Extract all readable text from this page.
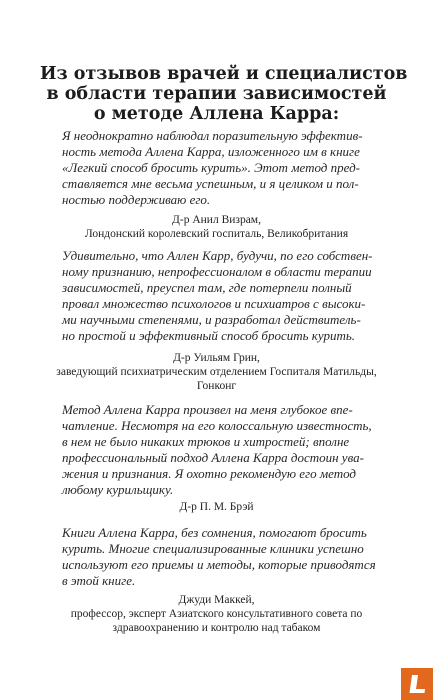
Из отзывов врачей и специалистов
в области терапии зависимостей
о методе Аллена Карра:
Я неоднократно наблюдал поразительную эффектив-
ность метода Аллена Карра, изложенного им в книге
«Легкий способ бросить курить». Этот метод пред-
ставляется мне весьма успешным, и я целиком и пол-
ностью поддерживаю его.
Д-р Анил Визрам,
Лондонский королевский госпиталь, Великобритания
Удивительно, что Аллен Карр, будучи, по его собствен-
ному признанию, непрофессионалом в области терапии
зависимостей, преуспел там, где потерпели полный
провал множество психологов и психиатров с высоки-
ми научными степенями, и разработал действитель-
но простой и эффективный способ бросить курить.
Д-р Уильям Грин,
заведующий психиатрическим отделением Госпиталя Матильды,
Гонконг
Метод Аллена Карра произвел на меня глубокое впе-
чатление. Несмотря на его колоссальную известность,
в нем не было никаких трюков и хитростей; вполне
профессиональный подход Аллена Карра достоин ува-
жения и признания. Я охотно рекомендую его метод
любому курильщику.
Д-р П. М. Брэй
Книги Аллена Карра, без сомнения, помогают бросить
курить. Многие специализированные клиники успешно
используют его приемы и методы, которые приводятся
в этой книге.
Джуди Маккей,
профессор, эксперт Азиатского консультативного совета по
здравоохранению и контролю над табаком
